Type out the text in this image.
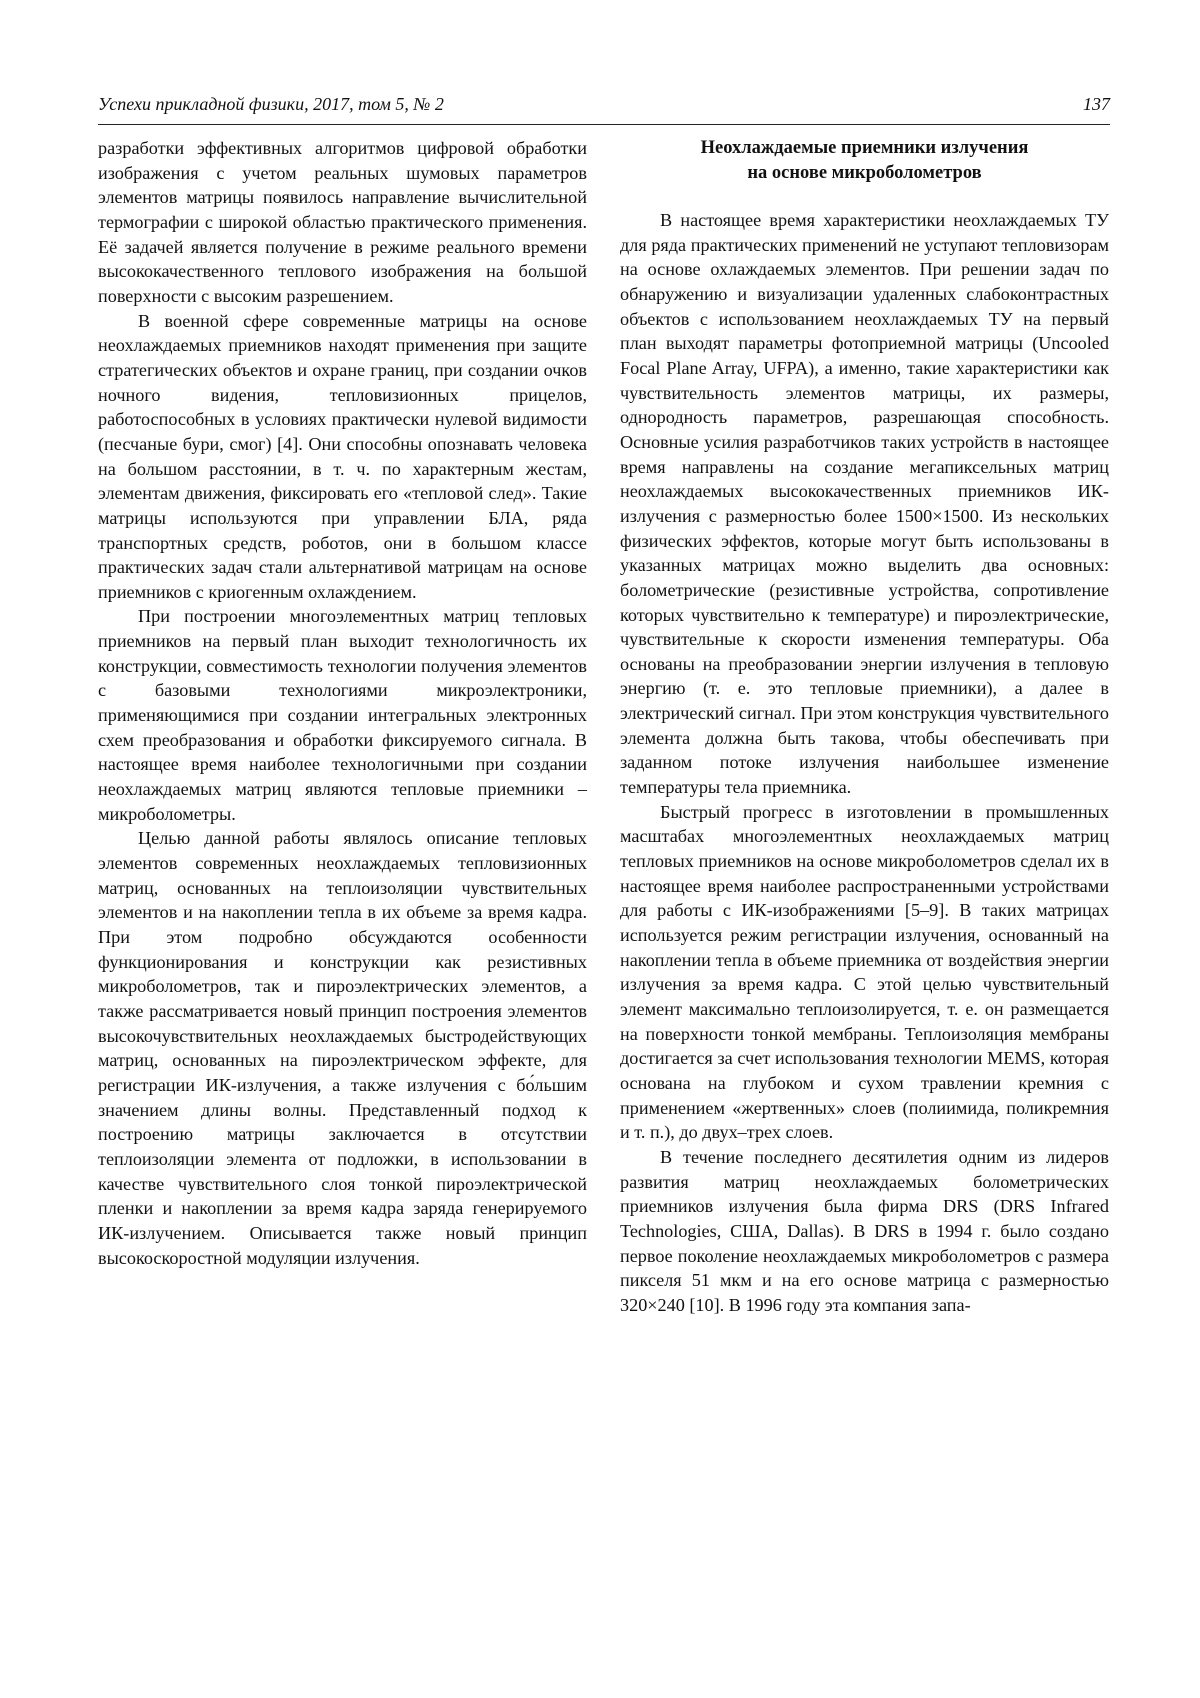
Успехи прикладной физики, 2017, том 5, № 2	137

разработки эффективных алгоритмов цифровой обработки изображения с учетом реальных шумовых параметров элементов матрицы появилось направление вычислительной термографии с широкой областью практического применения. Её задачей является получение в режиме реального времени высококачественного теплового изображения на большой поверхности с высоким разрешением.

В военной сфере современные матрицы на основе неохлаждаемых приемников находят применения при защите стратегических объектов и охране границ, при создании очков ночного видения, тепловизионных прицелов, работоспособных в условиях практически нулевой видимости (песчаные бури, смог) [4]. Они способны опознавать человека на большом расстоянии, в т. ч. по характерным жестам, элементам движения, фиксировать его «тепловой след». Такие матрицы используются при управлении БЛА, ряда транспортных средств, роботов, они в большом классе практических задач стали альтернативой матрицам на основе приемников с криогенным охлаждением.

При построении многоэлементных матриц тепловых приемников на первый план выходит технологичность их конструкции, совместимость технологии получения элементов с базовыми технологиями микроэлектроники, применяющимися при создании интегральных электронных схем преобразования и обработки фиксируемого сигнала. В настоящее время наиболее технологичными при создании неохлаждаемых матриц являются тепловые приемники – микроболометры.

Целью данной работы являлось описание тепловых элементов современных неохлаждаемых тепловизионных матриц, основанных на теплоизоляции чувствительных элементов и на накоплении тепла в их объеме за время кадра. При этом подробно обсуждаются особенности функционирования и конструкции как резистивных микроболометров, так и пироэлектрических элементов, а также рассматривается новый принцип построения элементов высокочувствительных неохлаждаемых быстродействующих матриц, основанных на пироэлектрическом эффекте, для регистрации ИК-излучения, а также излучения с бо́льшим значением длины волны. Представленный подход к построению матрицы заключается в отсутствии теплоизоляции элемента от подложки, в использовании в качестве чувствительного слоя тонкой пироэлектрической пленки и накоплении за время кадра заряда генерируемого ИК-излучением. Описывается также новый принцип высокоскоростной модуляции излучения.

Неохлаждаемые приемники излучения
на основе микроболометров

В настоящее время характеристики неохлаждаемых ТУ для ряда практических применений не уступают тепловизорам на основе охлаждаемых элементов. При решении задач по обнаружению и визуализации удаленных слабоконтрастных объектов с использованием неохлаждаемых ТУ на первый план выходят параметры фотоприемной матрицы (Uncooled Focal Plane Array, UFPA), а именно, такие характеристики как чувствительность элементов матрицы, их размеры, однородность параметров, разрешающая способность. Основные усилия разработчиков таких устройств в настоящее время направлены на создание мегапиксельных матриц неохлаждаемых высококачественных приемников ИК-излучения с размерностью более 1500×1500. Из нескольких физических эффектов, которые могут быть использованы в указанных матрицах можно выделить два основных: болометрические (резистивные устройства, сопротивление которых чувствительно к температуре) и пироэлектрические, чувствительные к скорости изменения температуры. Оба основаны на преобразовании энергии излучения в тепловую энергию (т. е. это тепловые приемники), а далее в электрический сигнал. При этом конструкция чувствительного элемента должна быть такова, чтобы обеспечивать при заданном потоке излучения наибольшее изменение температуры тела приемника.

Быстрый прогресс в изготовлении в промышленных масштабах многоэлементных неохлаждаемых матриц тепловых приемников на основе микроболометров сделал их в настоящее время наиболее распространенными устройствами для работы с ИК-изображениями [5–9]. В таких матрицах используется режим регистрации излучения, основанный на накоплении тепла в объеме приемника от воздействия энергии излучения за время кадра. С этой целью чувствительный элемент максимально теплоизолируется, т. е. он размещается на поверхности тонкой мембраны. Теплоизоляция мембраны достигается за счет использования технологии MEMS, которая основана на глубоком и сухом травлении кремния с применением «жертвенных» слоев (полиимида, поликремния и т. п.), до двух–трех слоев.

В течение последнего десятилетия одним из лидеров развития матриц неохлаждаемых болометрических приемников излучения была фирма DRS (DRS Infrared Technologies, США, Dallas). В DRS в 1994 г. было создано первое поколение неохлаждаемых микроболометров с размера пикселя 51 мкм и на его основе матрица с размерностью 320×240 [10]. В 1996 году эта компания запа-
